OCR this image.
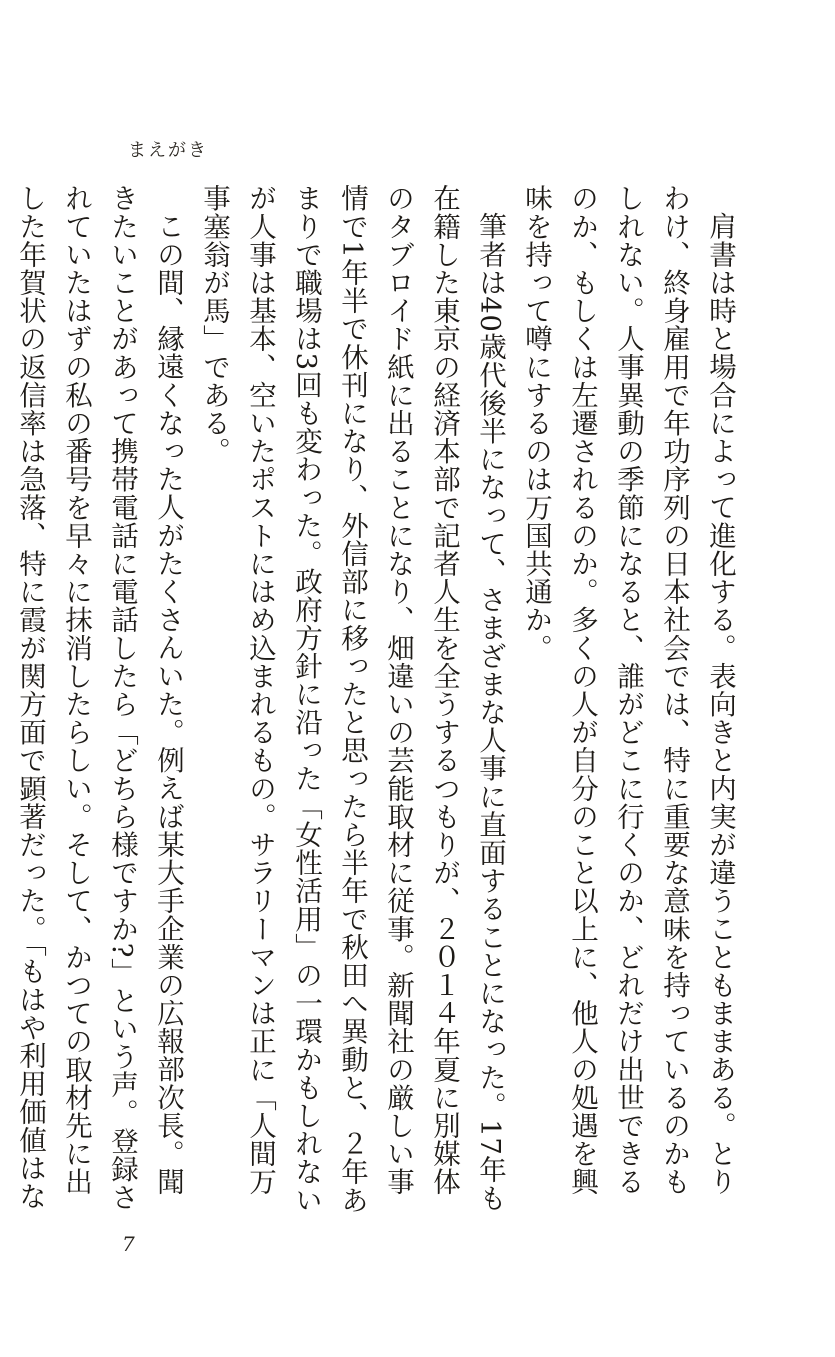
まえがき

肩書は時と場合によって進化する。表向きと内実が違うこともままある。とりわけ、終身雇用で年功序列の日本社会では、特に重要な意味を持っているのかもしれない。人事異動の季節になると、誰がどこに行くのか、どれだけ出世できるのか、もしくは左遷されるのか。多くの人が自分のこと以上に、他人の処遇を興味を持って噂にするのは万国共通か。

筆者は40歳代後半になって、さまざまな人事に直面することになった。17年も在籍した東京の経済本部で記者人生を全うするつもりが、２０１４年夏に別媒体のタブロイド紙に出ることになり、畑違いの芸能取材に従事。新聞社の厳しい事情で1年半で休刊になり、外信部に移ったと思ったら半年で秋田へ異動と、２年あまりで職場は3回も変わった。政府方針に沿った「女性活用」の一環かもしれないが人事は基本、空いたポストにはめ込まれるもの。サラリーマンは正に「人間万事塞翁が馬」である。

この間、縁遠くなった人がたくさんいた。例えば某大手企業の広報部次長。聞きたいことがあって携帯電話に電話したら「どちら様ですか?」という声。登録されていたはずの私の番号を早々に抹消したらしい。そして、かつての取材先に出した年賀状の返信率は急落、特に霞が関方面で顕著だった。「もはや利用価値はな

7
